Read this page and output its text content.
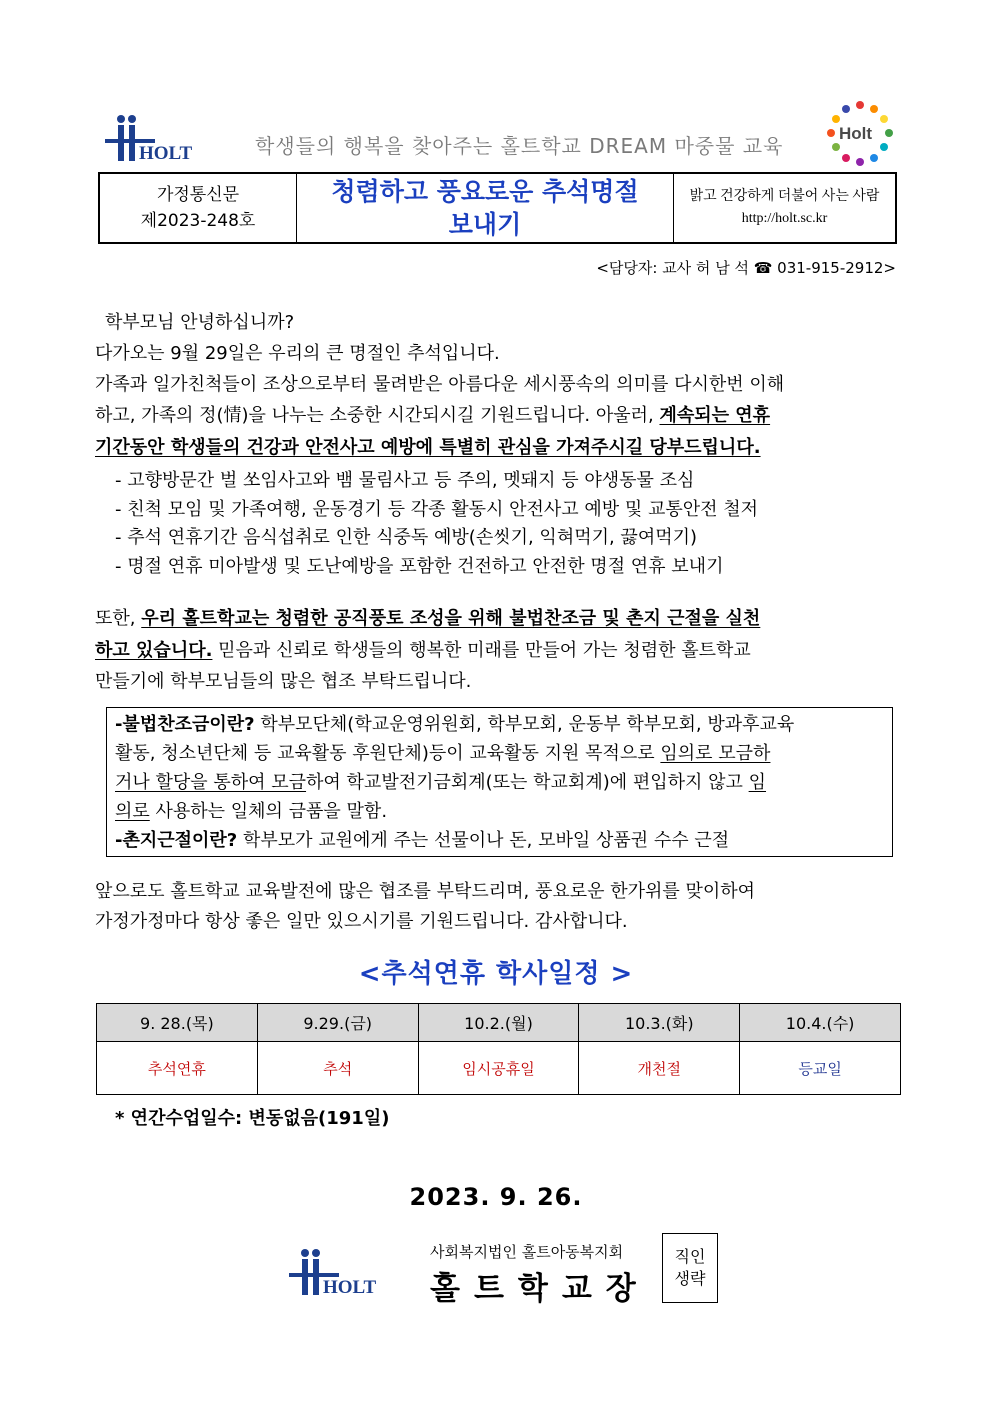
HOLT	학생들의 행복을 찾아주는 홀트학교 DREAM 마중물 교육
Holt
가정통신문
제2023-248호
청렴하고 풍요로운 추석명절
보내기
밝고 건강하게 더불어 사는 사람
http://holt.sc.kr
<담당자: 교사 허 남 석 ☎ 031-915-2912>
학부모님 안녕하십니까?
다가오는 9월 29일은 우리의 큰 명절인 추석입니다.
가족과 일가친척들이 조상으로부터 물려받은 아름다운 세시풍속의 의미를 다시한번 이해
하고, 가족의 정(情)을 나누는 소중한 시간되시길 기원드립니다. 아울러, 계속되는 연휴
기간동안 학생들의 건강과 안전사고 예방에 특별히 관심을 가져주시길 당부드립니다.
- 고향방문간 벌 쏘임사고와 뱀 물림사고 등 주의, 멧돼지 등 야생동물 조심
- 친척 모임 및 가족여행, 운동경기 등 각종 활동시 안전사고 예방 및 교통안전 철저
- 추석 연휴기간 음식섭취로 인한 식중독 예방(손씻기, 익혀먹기, 끓여먹기)
- 명절 연휴 미아발생 및 도난예방을 포함한 건전하고 안전한 명절 연휴 보내기
또한, 우리 홀트학교는 청렴한 공직풍토 조성을 위해 불법찬조금 및 촌지 근절을 실천
하고 있습니다. 믿음과 신뢰로 학생들의 행복한 미래를 만들어 가는 청렴한 홀트학교
만들기에 학부모님들의 많은 협조 부탁드립니다.
-불법찬조금이란? 학부모단체(학교운영위원회, 학부모회, 운동부 학부모회, 방과후교육
활동, 청소년단체 등 교육활동 후원단체)등이 교육활동 지원 목적으로 임의로 모금하
거나 할당을 통하여 모금하여 학교발전기금회계(또는 학교회계)에 편입하지 않고 임
의로 사용하는 일체의 금품을 말함.
-촌지근절이란? 학부모가 교원에게 주는 선물이나 돈, 모바일 상품권 수수 근절
앞으로도 홀트학교 교육발전에 많은 협조를 부탁드리며, 풍요로운 한가위를 맞이하여
가정가정마다 항상 좋은 일만 있으시기를 기원드립니다. 감사합니다.
<추석연휴 학사일정 >
9. 28.(목)	9.29.(금)	10.2.(월)	10.3.(화)	10.4.(수)
추석연휴	추석	임시공휴일	개천절	등교일
* 연간수업일수: 변동없음(191일)
2023. 9. 26.
HOLT
사회복지법인 홀트아동복지회
홀트학교장
직인
생략
